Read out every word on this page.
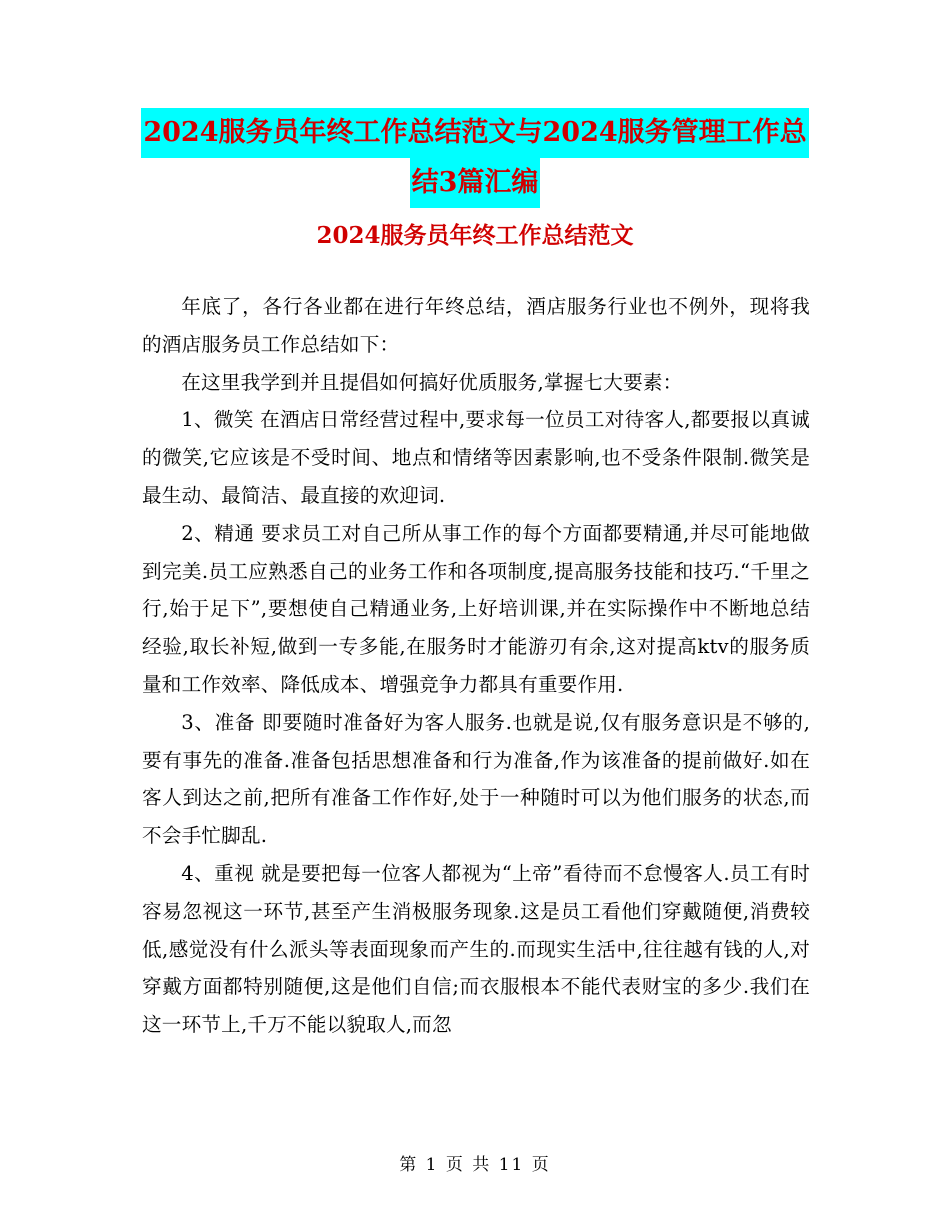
2024服务员年终工作总结范文与2024服务管理工作总
结3篇汇编
2024服务员年终工作总结范文

年底了，各行各业都在进行年终总结，酒店服务行业也不例外，现将我的酒店服务员工作总结如下：

在这里我学到并且提倡如何搞好优质服务,掌握七大要素：

1、微笑 在酒店日常经营过程中,要求每一位员工对待客人,都要报以真诚的微笑,它应该是不受时间、地点和情绪等因素影响,也不受条件限制.微笑是最生动、最简洁、最直接的欢迎词.

2、精通 要求员工对自己所从事工作的每个方面都要精通,并尽可能地做到完美.员工应熟悉自己的业务工作和各项制度,提高服务技能和技巧.“千里之行,始于足下”,要想使自己精通业务,上好培训课,并在实际操作中不断地总结经验,取长补短,做到一专多能,在服务时才能游刃有余,这对提高ktv的服务质量和工作效率、降低成本、增强竞争力都具有重要作用.

3、准备 即要随时准备好为客人服务.也就是说,仅有服务意识是不够的,要有事先的准备.准备包括思想准备和行为准备,作为该准备的提前做好.如在客人到达之前,把所有准备工作作好,处于一种随时可以为他们服务的状态,而不会手忙脚乱.

4、重视 就是要把每一位客人都视为“上帝”看待而不怠慢客人.员工有时容易忽视这一环节,甚至产生消极服务现象.这是员工看他们穿戴随便,消费较低,感觉没有什么派头等表面现象而产生的.而现实生活中,往往越有钱的人,对穿戴方面都特别随便,这是他们自信;而衣服根本不能代表财宝的多少.我们在这一环节上,千万不能以貌取人,而忽

第 1 页 共 11 页
